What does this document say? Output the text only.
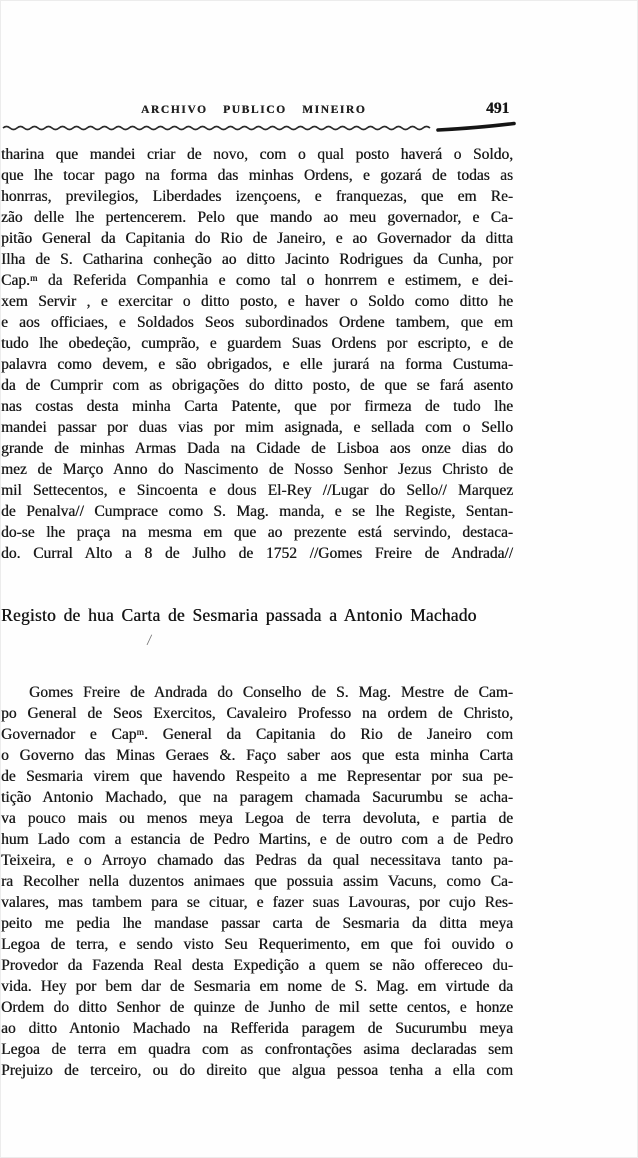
ARCHIVO PUBLICO MINEIRO	491
tharina que mandei criar de novo, com o qual posto haverá o Soldo,
que lhe tocar pago na forma das minhas Ordens, e gozará de todas as
honrras, previlegios, Liberdades izençoens, e franquezas, que em Re-
zão delle lhe pertencerem. Pelo que mando ao meu governador, e Ca-
pitão General da Capitania do Rio de Janeiro, e ao Governador da ditta
Ilha de S. Catharina conheção ao ditto Jacinto Rodrigues da Cunha, por
Cap.ᵐ da Referida Companhia e como tal o honrrem e estimem, e dei-
xem Servir , e exercitar o ditto posto, e haver o Soldo como ditto he
e aos officiaes, e Soldados Seos subordinados Ordene tambem, que em
tudo lhe obedeção, cumprão, e guardem Suas Ordens por escripto, e de
palavra como devem, e são obrigados, e elle jurará na forma Custuma-
da de Cumprir com as obrigações do ditto posto, de que se fará asento
nas costas desta minha Carta Patente, que por firmeza de tudo lhe
mandei passar por duas vias por mim asignada, e sellada com o Sello
grande de minhas Armas Dada na Cidade de Lisboa aos onze dias do
mez de Março Anno do Nascimento de Nosso Senhor Jezus Christo de
mil Settecentos, e Sincoenta e dous El-Rey //Lugar do Sello// Marquez
de Penalva// Cumprace como S. Mag. manda, e se lhe Registe, Sentan-
do-se lhe praça na mesma em que ao prezente está servindo, destaca-
do. Curral Alto a 8 de Julho de 1752 //Gomes Freire de Andrada//
Registo de hua Carta de Sesmaria passada a Antonio Machado
/
Gomes Freire de Andrada do Conselho de S. Mag. Mestre de Cam-
po General de Seos Exercitos, Cavaleiro Professo na ordem de Christo,
Governador e Capᵐ. General da Capitania do Rio de Janeiro com
o Governo das Minas Geraes &. Faço saber aos que esta minha Carta
de Sesmaria virem que havendo Respeito a me Representar por sua pe-
tição Antonio Machado, que na paragem chamada Sacurumbu se acha-
va pouco mais ou menos meya Legoa de terra devoluta, e partia de
hum Lado com a estancia de Pedro Martins, e de outro com a de Pedro
Teixeira, e o Arroyo chamado das Pedras da qual necessitava tanto pa-
ra Recolher nella duzentos animaes que possuia assim Vacuns, como Ca-
valares, mas tambem para se cituar, e fazer suas Lavouras, por cujo Res-
peito me pedia lhe mandase passar carta de Sesmaria da ditta meya
Legoa de terra, e sendo visto Seu Requerimento, em que foi ouvido o
Provedor da Fazenda Real desta Expedição a quem se não offereceo du-
vida. Hey por bem dar de Sesmaria em nome de S. Mag. em virtude da
Ordem do ditto Senhor de quinze de Junho de mil sette centos, e honze
ao ditto Antonio Machado na Refferida paragem de Sucurumbu meya
Legoa de terra em quadra com as confrontações asima declaradas sem
Prejuizo de terceiro, ou do direito que algua pessoa tenha a ella com
